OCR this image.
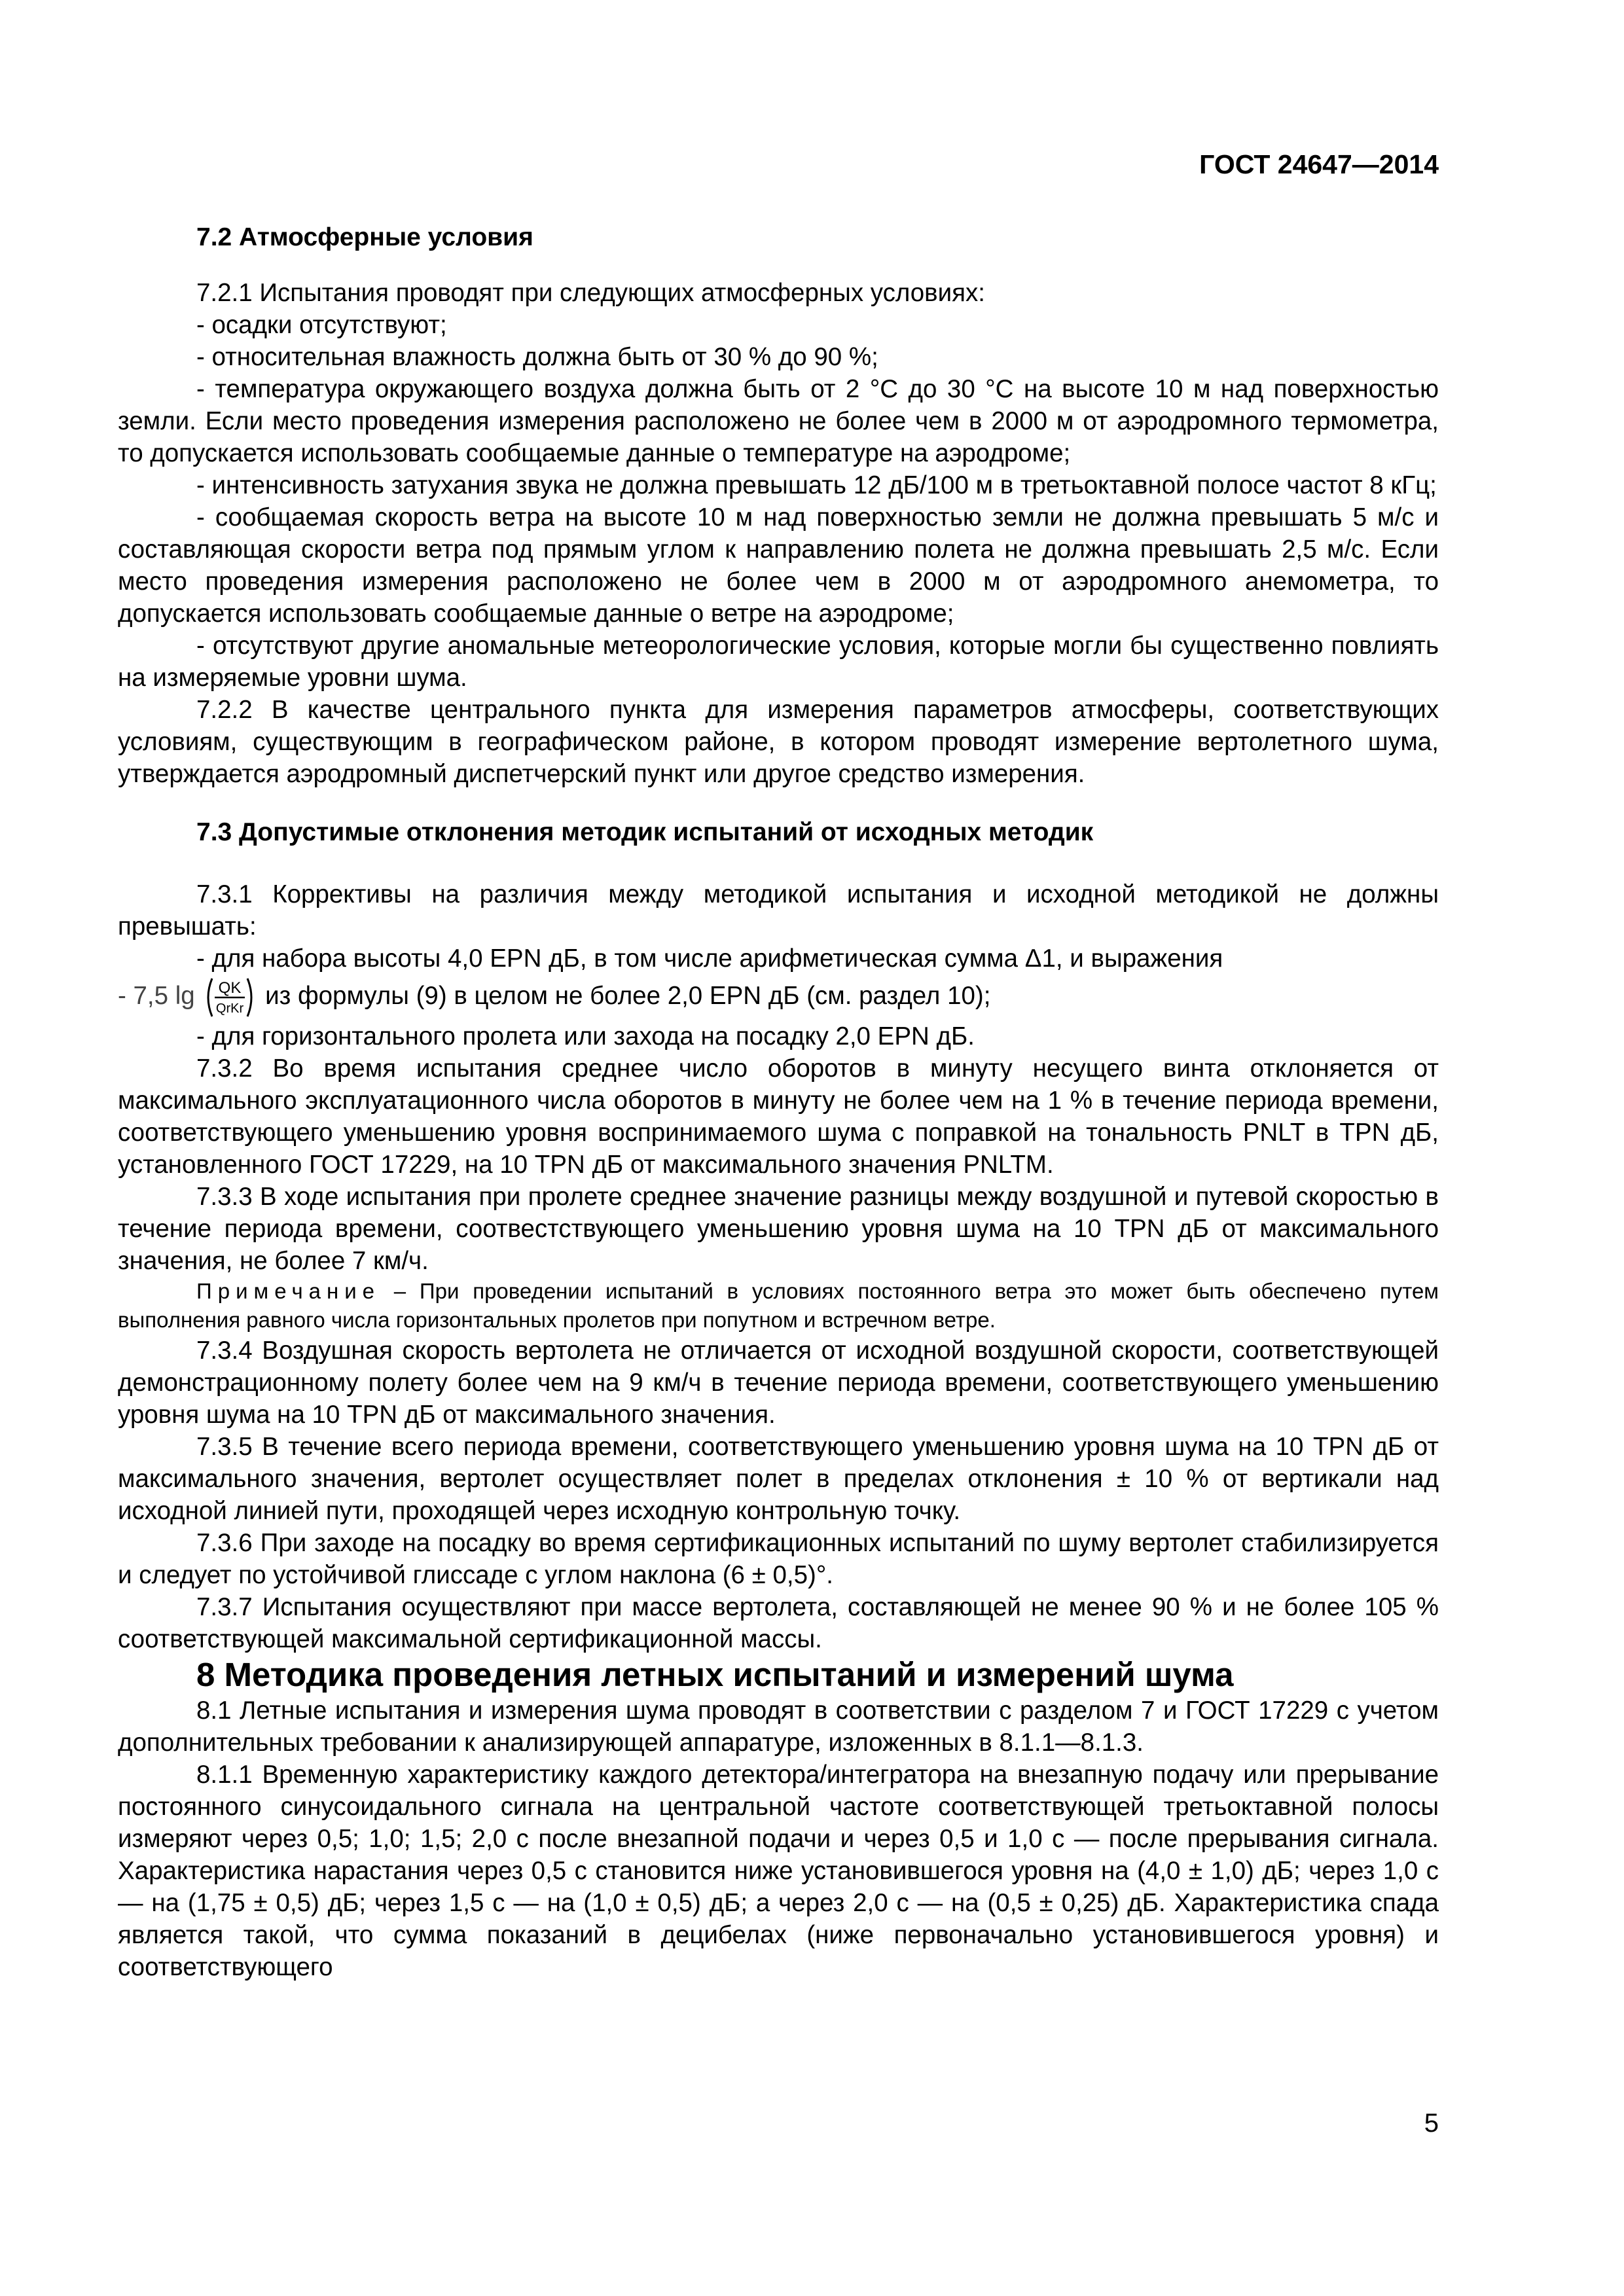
ГОСТ 24647—2014

7.2 Атмосферные условия

7.2.1 Испытания проводят при следующих атмосферных условиях:

- осадки отсутствуют;

- относительная влажность должна быть от 30 % до 90 %;

- температура окружающего воздуха должна быть от 2 °С до 30 °С на высоте 10 м над поверхностью земли. Если место проведения измерения расположено не более чем в 2000 м от аэродромного термометра, то допускается использовать сообщаемые данные о температуре на аэродроме;

- интенсивность затухания звука не должна превышать 12 дБ/100 м в третьоктавной полосе частот 8 кГц;

- сообщаемая скорость ветра на высоте 10 м над поверхностью земли не должна превышать 5 м/с и составляющая скорости ветра под прямым углом к направлению полета не должна превышать 2,5 м/с. Если место проведения измерения расположено не более чем в 2000 м от аэродромного анемометра, то допускается использовать сообщаемые данные о ветре на аэродроме;

- отсутствуют другие аномальные метеорологические условия, которые могли бы существенно повлиять на измеряемые уровни шума.

7.2.2 В качестве центрального пункта для измерения параметров атмосферы, соответствующих условиям, существующим в географическом районе, в котором проводят измерение вертолетного шума, утверждается аэродромный диспетчерский пункт или другое средство измерения.

7.3 Допустимые отклонения методик испытаний от исходных методик

7.3.1 Коррективы на различия между методикой испытания и исходной методикой не должны превышать:

- для набора высоты 4,0 EPN дБ, в том числе арифметическая сумма Δ1, и выражения

- 7,5 lg QK
QrKr из формулы (9) в целом не более 2,0 EPN дБ (см. раздел 10);

- для горизонтального пролета или захода на посадку 2,0 EPN дБ.

7.3.2 Во время испытания среднее число оборотов в минуту несущего винта отклоняется от максимального эксплуатационного числа оборотов в минуту не более чем на 1 % в течение периода времени, соответствующего уменьшению уровня воспринимаемого шума с поправкой на тональность PNLT в TPN дБ, установленного ГОСТ 17229, на 10 TPN дБ от максимального значения PNLTM.

7.3.3 В ходе испытания при пролете среднее значение разницы между воздушной и путевой скоростью в течение периода времени, соотвестствующего уменьшению уровня шума на 10 TPN дБ от максимального значения, не более 7 км/ч.

Примечание – При проведении испытаний в условиях постоянного ветра это может быть обеспечено путем выполнения равного числа горизонтальных пролетов при попутном и встречном ветре.

7.3.4 Воздушная скорость вертолета не отличается от исходной воздушной скорости, соответствующей демонстрационному полету более чем на 9 км/ч в течение периода времени, соответствующего уменьшению уровня шума на 10 TPN дБ от максимального значения.

7.3.5 В течение всего периода времени, соответствующего уменьшению уровня шума на 10 TPN дБ от максимального значения, вертолет осуществляет полет в пределах отклонения ± 10 % от вертикали над исходной линией пути, проходящей через исходную контрольную точку.

7.3.6 При заходе на посадку во время сертификационных испытаний по шуму вертолет стабилизируется и следует по устойчивой глиссаде с углом наклона (6 ± 0,5)°.

7.3.7 Испытания осуществляют при массе вертолета, составляющей не менее 90 % и не более 105 % соответствующей максимальной сертификационной массы.

8 Методика проведения летных испытаний и измерений шума

8.1 Летные испытания и измерения шума проводят в соответствии с разделом 7 и ГОСТ 17229 с учетом дополнительных требовании к анализирующей аппаратуре, изложенных в 8.1.1—8.1.3.

8.1.1 Временную характеристику каждого детектора/интегратора на внезапную подачу или прерывание постоянного синусоидального сигнала на центральной частоте соответствующей третьоктавной полосы измеряют через 0,5; 1,0; 1,5; 2,0 с после внезапной подачи и через 0,5 и 1,0 с — после прерывания сигнала. Характеристика нарастания через 0,5 с становится ниже установившегося уровня на (4,0 ± 1,0) дБ; через 1,0 с — на (1,75 ± 0,5) дБ; через 1,5 с — на (1,0 ± 0,5) дБ; а через 2,0 с — на (0,5 ± 0,25) дБ. Характеристика спада является такой, что сумма показаний в децибелах (ниже первоначально установившегося уровня) и соответствующего

5
